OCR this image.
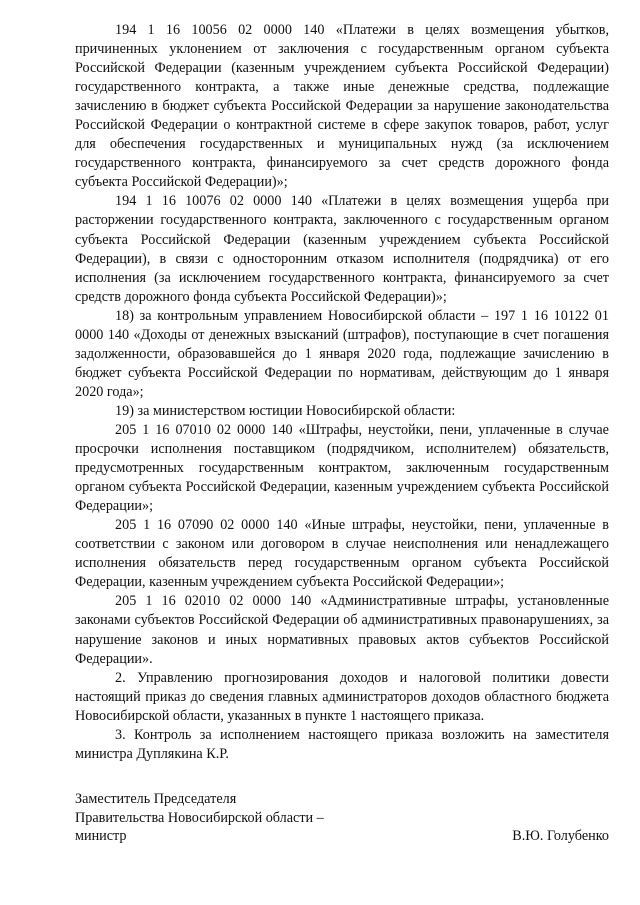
194 1 16 10056 02 0000 140 «Платежи в целях возмещения убытков, причиненных уклонением от заключения с государственным органом субъекта Российской Федерации (казенным учреждением субъекта Российской Федерации) государственного контракта, а также иные денежные средства, подлежащие зачислению в бюджет субъекта Российской Федерации за нарушение законодательства Российской Федерации о контрактной системе в сфере закупок товаров, работ, услуг для обеспечения государственных и муниципальных нужд (за исключением государственного контракта, финансируемого за счет средств дорожного фонда субъекта Российской Федерации)»;

194 1 16 10076 02 0000 140 «Платежи в целях возмещения ущерба при расторжении государственного контракта, заключенного с государственным органом субъекта Российской Федерации (казенным учреждением субъекта Российской Федерации), в связи с односторонним отказом исполнителя (подрядчика) от его исполнения (за исключением государственного контракта, финансируемого за счет средств дорожного фонда субъекта Российской Федерации)»;

18) за контрольным управлением Новосибирской области – 197 1 16 10122 01 0000 140 «Доходы от денежных взысканий (штрафов), поступающие в счет погашения задолженности, образовавшейся до 1 января 2020 года, подлежащие зачислению в бюджет субъекта Российской Федерации по нормативам, действующим до 1 января 2020 года»;

19) за министерством юстиции Новосибирской области:

205 1 16 07010 02 0000 140 «Штрафы, неустойки, пени, уплаченные в случае просрочки исполнения поставщиком (подрядчиком, исполнителем) обязательств, предусмотренных государственным контрактом, заключенным государственным органом субъекта Российской Федерации, казенным учреждением субъекта Российской Федерации»;

205 1 16 07090 02 0000 140 «Иные штрафы, неустойки, пени, уплаченные в соответствии с законом или договором в случае неисполнения или ненадлежащего исполнения обязательств перед государственным органом субъекта Российской Федерации, казенным учреждением субъекта Российской Федерации»;

205 1 16 02010 02 0000 140 «Административные штрафы, установленные законами субъектов Российской Федерации об административных правонарушениях, за нарушение законов и иных нормативных правовых актов субъектов Российской Федерации».

2. Управлению прогнозирования доходов и налоговой политики довести настоящий приказ до сведения главных администраторов доходов областного бюджета Новосибирской области, указанных в пункте 1 настоящего приказа.

3. Контроль за исполнением настоящего приказа возложить на заместителя министра Дуплякина К.Р.

Заместитель Председателя
Правительства Новосибирской области –
министр	В.Ю. Голубенко
